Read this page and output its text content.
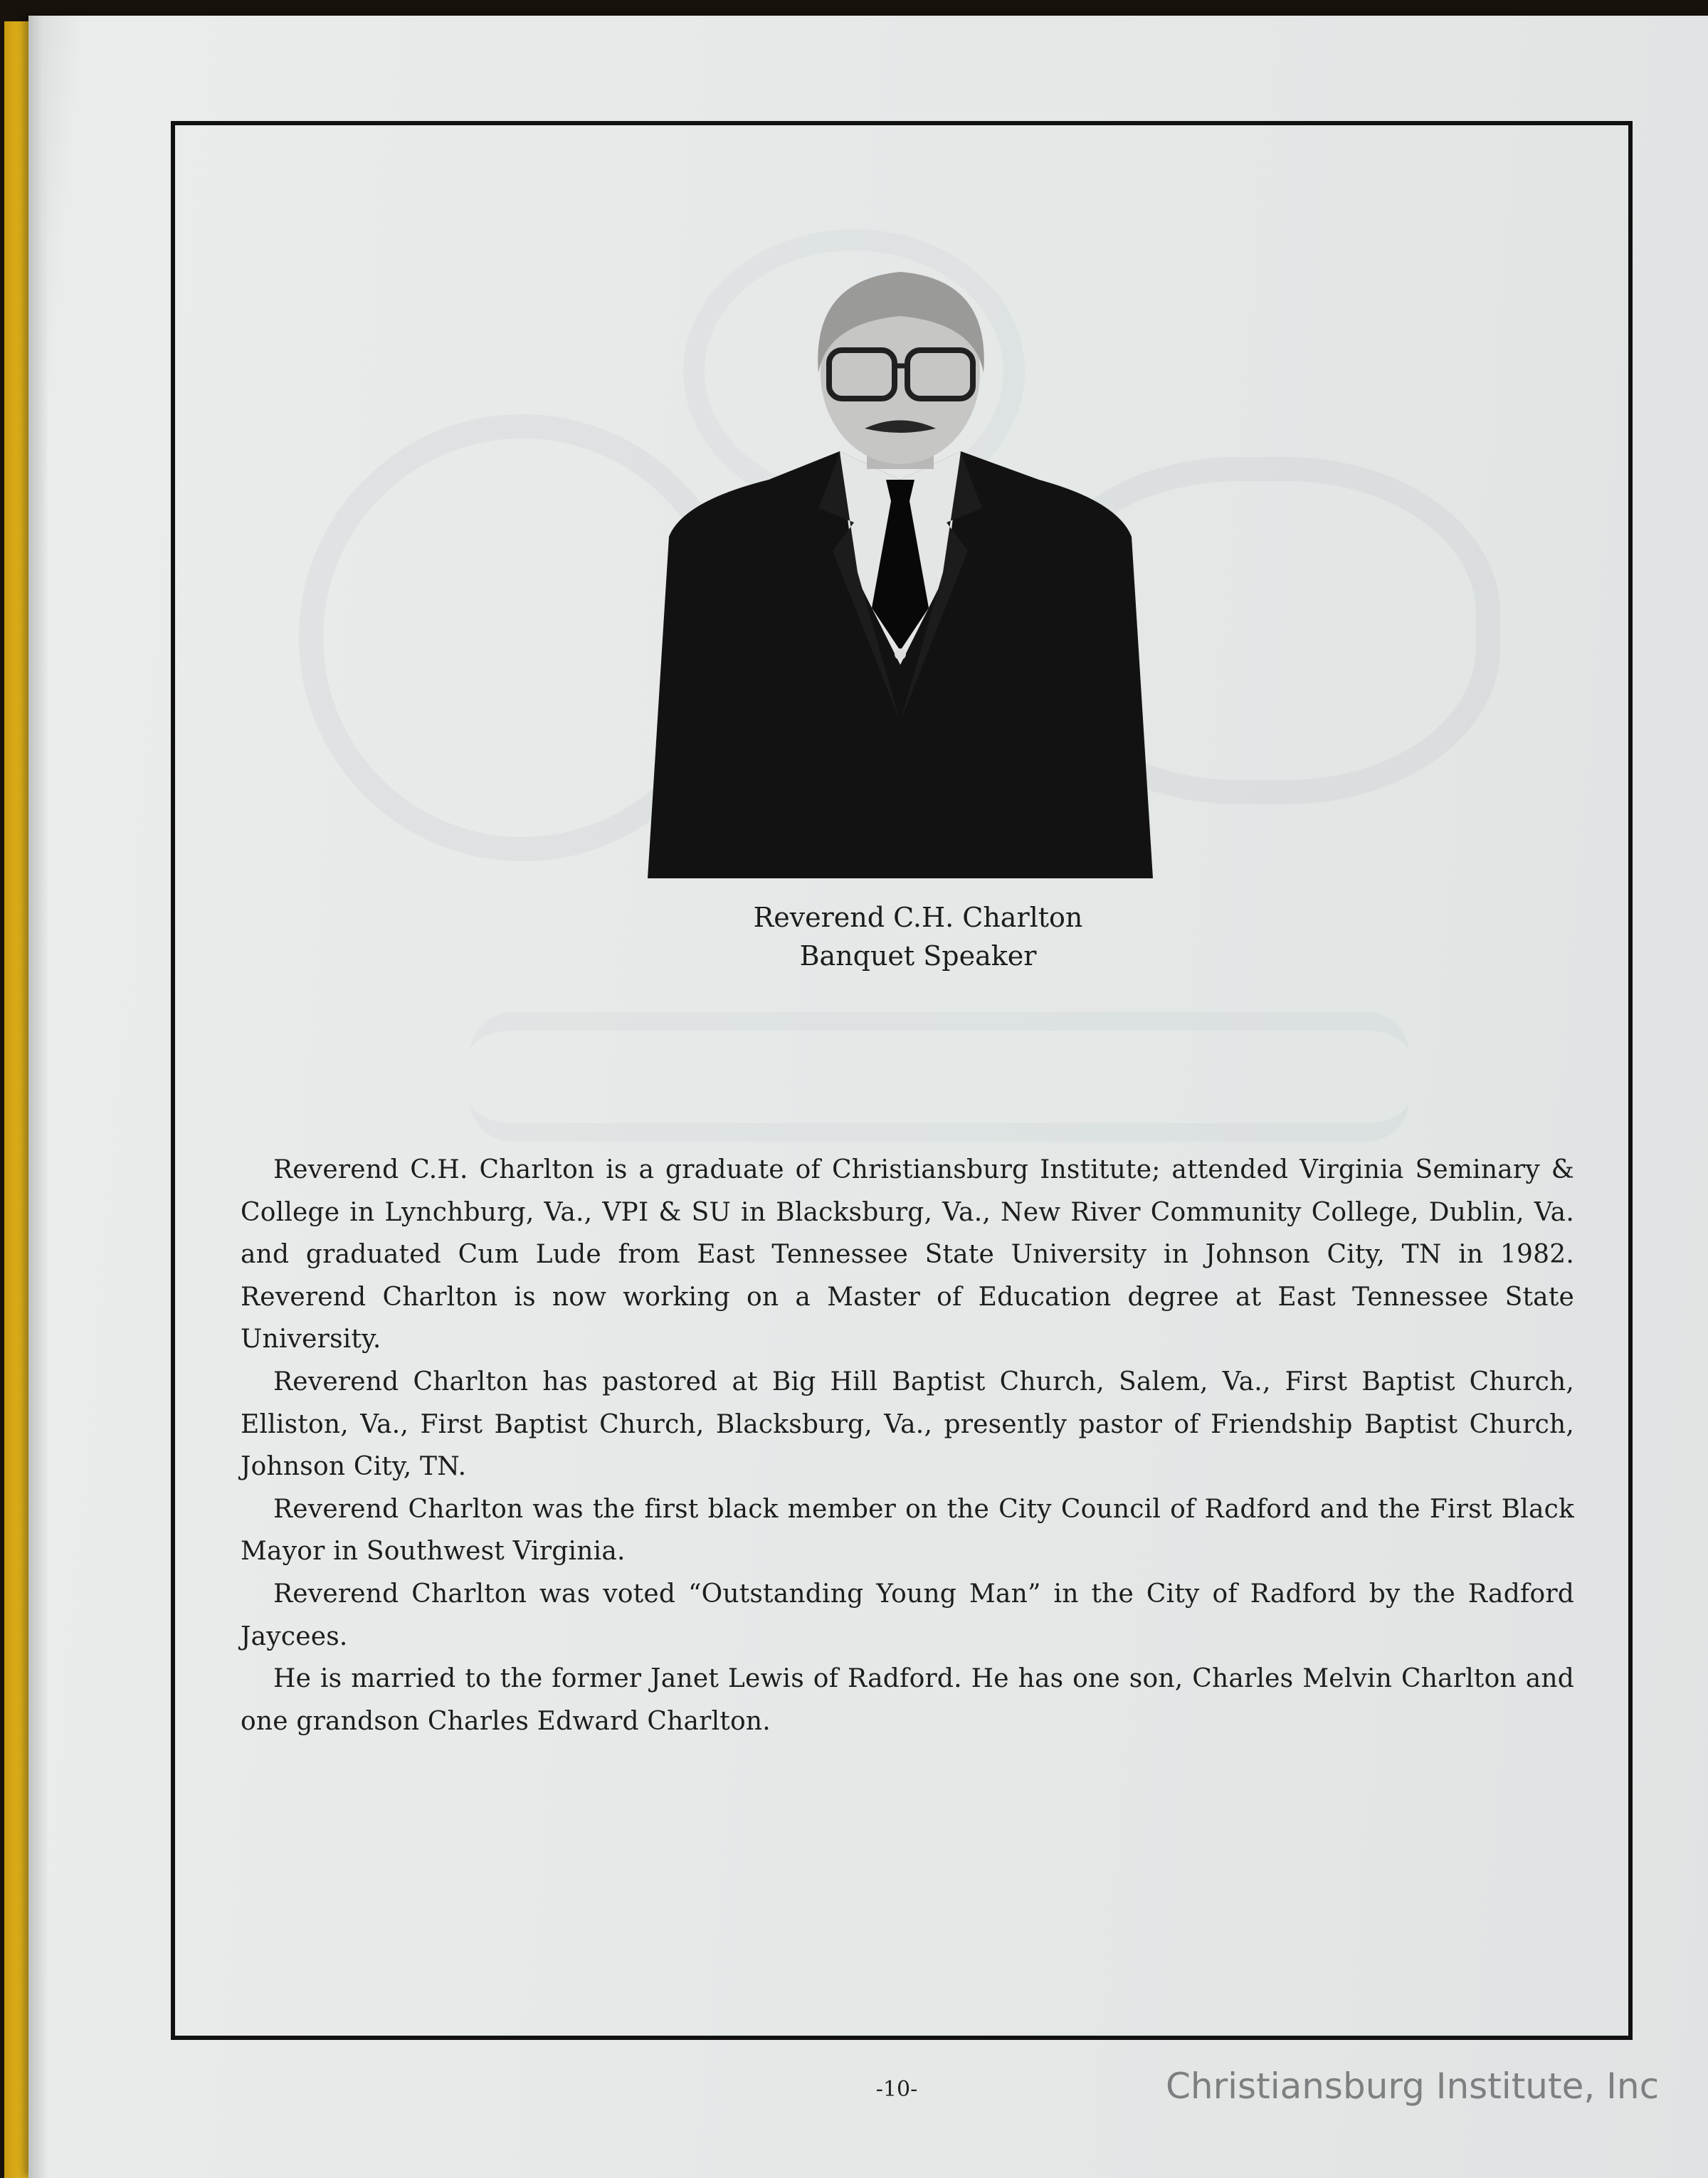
Reverend C.H. Charlton
Banquet Speaker

Reverend C.H. Charlton is a graduate of Christiansburg Institute; attended Virginia Seminary & College in Lynchburg, Va., VPI & SU in Blacksburg, Va., New River Community College, Dublin, Va. and graduated Cum Lude from East Tennessee State University in Johnson City, TN in 1982. Reverend Charlton is now working on a Master of Education degree at East Tennessee State University.

Reverend Charlton has pastored at Big Hill Baptist Church, Salem, Va., First Baptist Church, Elliston, Va., First Baptist Church, Blacksburg, Va., presently pastor of Friendship Baptist Church, Johnson City, TN.

Reverend Charlton was the first black member on the City Council of Radford and the First Black Mayor in Southwest Virginia.

Reverend Charlton was voted “Outstanding Young Man” in the City of Radford by the Radford Jaycees.

He is married to the former Janet Lewis of Radford. He has one son, Charles Melvin Charlton and one grandson Charles Edward Charlton.

-10-	Christiansburg Institute, Inc
